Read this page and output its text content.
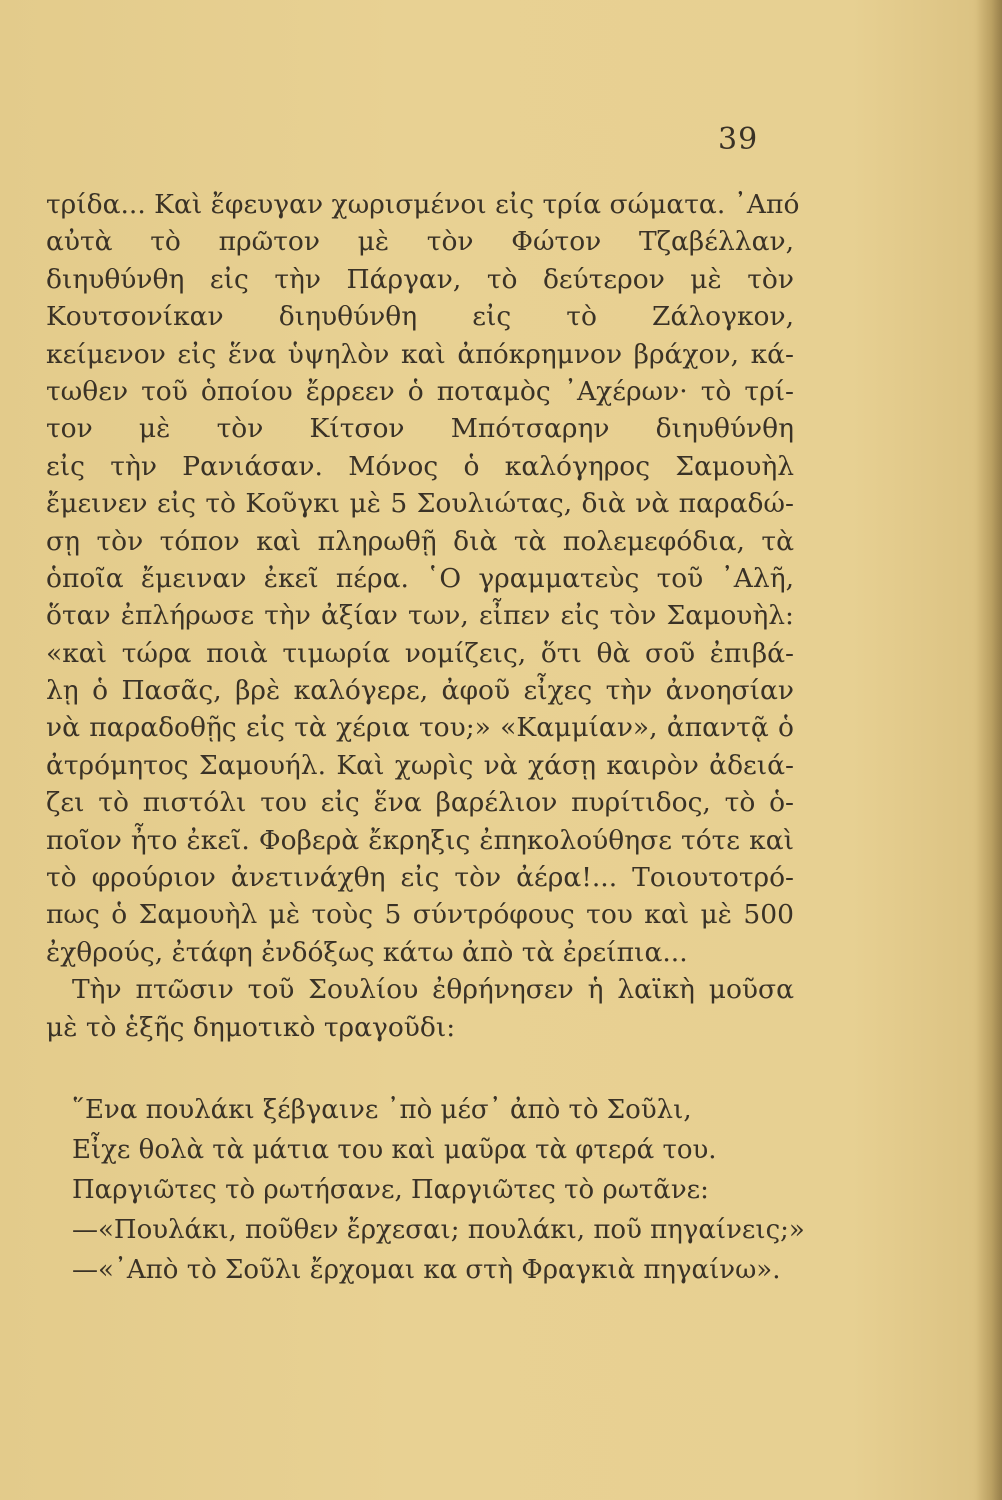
39
τρίδα... Καὶ ἔφευγαν χωρισμένοι εἰς τρία σώματα. ᾿Από
αὐτὰ τὸ πρῶτον μὲ τὸν Φώτον Τζαβέλλαν,
διηυθύνθη εἰς τὴν Πάργαν, τὸ δεύτερον μὲ τὸν
Κουτσονίκαν διηυθύνθη εἰς τὸ Ζάλογκον,
κείμενον εἰς ἕνα ὑψηλὸν καὶ ἀπόκρημνον βράχον, κά-
τωθεν τοῦ ὁποίου ἔρρεεν ὁ ποταμὸς ᾿Αχέρων· τὸ τρί-
τον μὲ τὸν Κίτσον Μπότσαρην διηυθύνθη
εἰς τὴν Ρανιάσαν. Μόνος ὁ καλόγηρος Σαμουὴλ
ἔμεινεν εἰς τὸ Κοῦγκι μὲ 5 Σουλιώτας, διὰ νὰ παραδώ-
σῃ τὸν τόπον καὶ πληρωθῇ διὰ τὰ πολεμεφόδια, τὰ
ὁποῖα ἔμειναν ἐκεῖ πέρα. ῾Ο γραμματεὺς τοῦ ᾿Αλῆ,
ὅταν ἐπλήρωσε τὴν ἀξίαν των, εἶπεν εἰς τὸν Σαμουὴλ:
«καὶ τώρα ποιὰ τιμωρία νομίζεις, ὅτι θὰ σοῦ ἐπιβά-
λῃ ὁ Πασᾶς, βρὲ καλόγερε, ἀφοῦ εἶχες τὴν ἀνοησίαν
νὰ παραδοθῇς εἰς τὰ χέρια του;» «Καμμίαν», ἀπαντᾷ ὁ
ἀτρόμητος Σαμουήλ. Καὶ χωρὶς νὰ χάσῃ καιρὸν ἀδειά-
ζει τὸ πιστόλι του εἰς ἕνα βαρέλιον πυρίτιδος, τὸ ὁ-
ποῖον ἦτο ἐκεῖ. Φοβερὰ ἔκρηξις ἐπηκολούθησε τότε καὶ
τὸ φρούριον ἀνετινάχθη εἰς τὸν ἀέρα!... Τοιουτοτρό-
πως ὁ Σαμουὴλ μὲ τοὺς 5 σύντρόφους του καὶ μὲ 500
ἐχθρούς, ἐτάφη ἐνδόξως κάτω ἀπὸ τὰ ἐρείπια...
Τὴν πτῶσιν τοῦ Σουλίου ἐθρήνησεν ἡ λαϊκὴ μοῦσα
μὲ τὸ ἑξῆς δημοτικὸ τραγοῦδι:
῞Ενα πουλάκι ξέβγαινε ᾿πὸ μέσ᾿ ἀπὸ τὸ Σοῦλι,
Εἶχε θολὰ τὰ μάτια του καὶ μαῦρα τὰ φτερά του.
Παργιῶτες τὸ ρωτήσανε, Παργιῶτες τὸ ρωτᾶνε:
—«Πουλάκι, ποῦθεν ἔρχεσαι; πουλάκι, ποῦ πηγαίνεις;»
—«᾿Απὸ τὸ Σοῦλι ἔρχομαι κα στὴ Φραγκιὰ πηγαίνω».
